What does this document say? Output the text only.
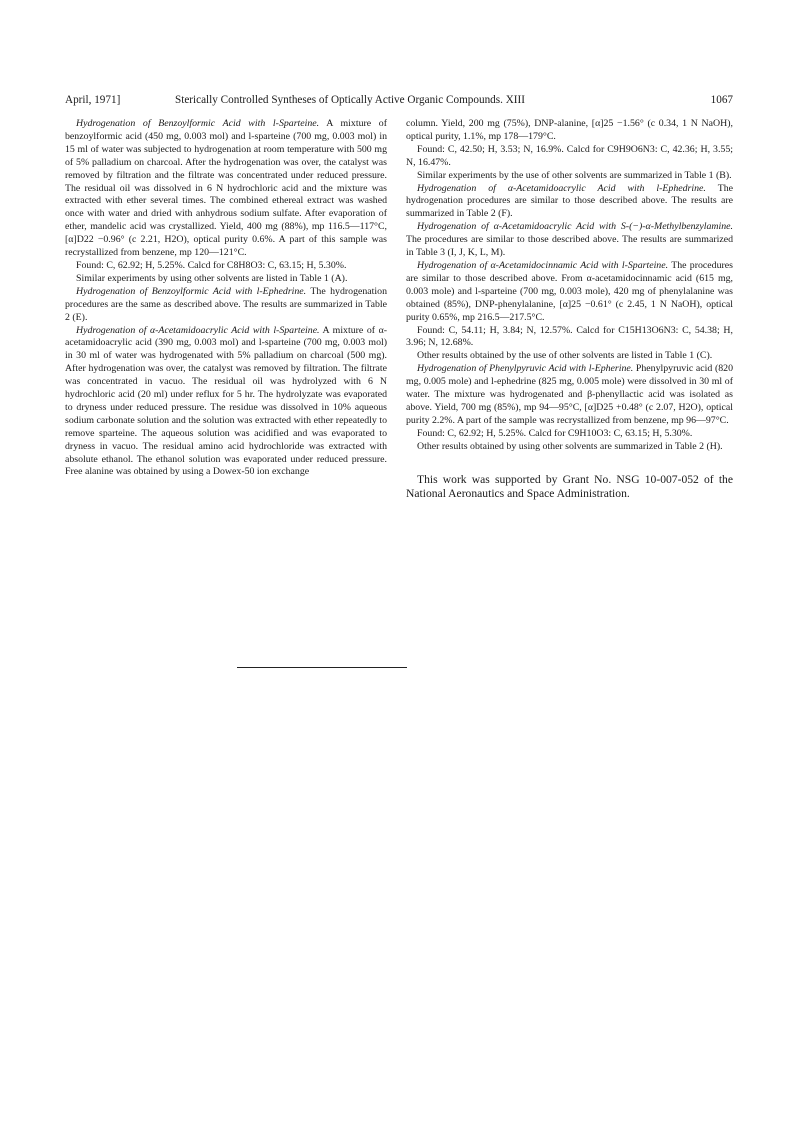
April, 1971]	Sterically Controlled Syntheses of Optically Active Organic Compounds. XIII	1067

Hydrogenation of Benzoylformic Acid with l-Sparteine. A mixture of benzoylformic acid (450 mg, 0.003 mol) and l-sparteine (700 mg, 0.003 mol) in 15 ml of water was subjected to hydrogenation at room temperature with 500 mg of 5% palladium on charcoal. After the hydrogenation was over, the catalyst was removed by filtration and the filtrate was concentrated under reduced pressure. The residual oil was dissolved in 6 N hydrochloric acid and the mixture was extracted with ether several times. The combined ethereal extract was washed once with water and dried with anhydrous sodium sulfate. After evaporation of ether, mandelic acid was crystallized. Yield, 400 mg (88%), mp 116.5—117°C, [α]D22 −0.96° (c 2.21, H2O), optical purity 0.6%. A part of this sample was recrystallized from benzene, mp 120—121°C.

Found: C, 62.92; H, 5.25%. Calcd for C8H8O3: C, 63.15; H, 5.30%.

Similar experiments by using other solvents are listed in Table 1 (A).

Hydrogenation of Benzoylformic Acid with l-Ephedrine. The hydrogenation procedures are the same as described above. The results are summarized in Table 2 (E).

Hydrogenation of α-Acetamidoacrylic Acid with l-Sparteine. A mixture of α-acetamidoacrylic acid (390 mg, 0.003 mol) and l-sparteine (700 mg, 0.003 mol) in 30 ml of water was hydrogenated with 5% palladium on charcoal (500 mg). After hydrogenation was over, the catalyst was removed by filtration. The filtrate was concentrated in vacuo. The residual oil was hydrolyzed with 6 N hydrochloric acid (20 ml) under reflux for 5 hr. The hydrolyzate was evaporated to dryness under reduced pressure. The residue was dissolved in 10% aqueous sodium carbonate solution and the solution was extracted with ether repeatedly to remove sparteine. The aqueous solution was acidified and was evaporated to dryness in vacuo. The residual amino acid hydrochloride was extracted with absolute ethanol. The ethanol solution was evaporated under reduced pressure. Free alanine was obtained by using a Dowex-50 ion exchange

column. Yield, 200 mg (75%), DNP-alanine, [α]25 −1.56° (c 0.34, 1 N NaOH), optical purity, 1.1%, mp 178—179°C.

Found: C, 42.50; H, 3.53; N, 16.9%. Calcd for C9H9O6N3: C, 42.36; H, 3.55; N, 16.47%.

Similar experiments by the use of other solvents are summarized in Table 1 (B).

Hydrogenation of α-Acetamidoacrylic Acid with l-Ephedrine. The hydrogenation procedures are similar to those described above. The results are summarized in Table 2 (F).

Hydrogenation of α-Acetamidoacrylic Acid with S-(−)-α-Methylbenzylamine. The procedures are similar to those described above. The results are summarized in Table 3 (I, J, K, L, M).

Hydrogenation of α-Acetamidocinnamic Acid with l-Sparteine. The procedures are similar to those described above. From α-acetamidocinnamic acid (615 mg, 0.003 mole) and l-sparteine (700 mg, 0.003 mole), 420 mg of phenylalanine was obtained (85%), DNP-phenylalanine, [α]25 −0.61° (c 2.45, 1 N NaOH), optical purity 0.65%, mp 216.5—217.5°C.

Found: C, 54.11; H, 3.84; N, 12.57%. Calcd for C15H13O6N3: C, 54.38; H, 3.96; N, 12.68%.

Other results obtained by the use of other solvents are listed in Table 1 (C).

Hydrogenation of Phenylpyruvic Acid with l-Epherine. Phenylpyruvic acid (820 mg, 0.005 mole) and l-ephedrine (825 mg, 0.005 mole) were dissolved in 30 ml of water. The mixture was hydrogenated and β-phenyllactic acid was isolated as above. Yield, 700 mg (85%), mp 94—95°C, [α]D25 +0.48° (c 2.07, H2O), optical purity 2.2%. A part of the sample was recrystallized from benzene, mp 96—97°C.

Found: C, 62.92; H, 5.25%. Calcd for C9H10O3: C, 63.15; H, 5.30%.

Other results obtained by using other solvents are summarized in Table 2 (H).

This work was supported by Grant No. NSG 10-007-052 of the National Aeronautics and Space Administration.
